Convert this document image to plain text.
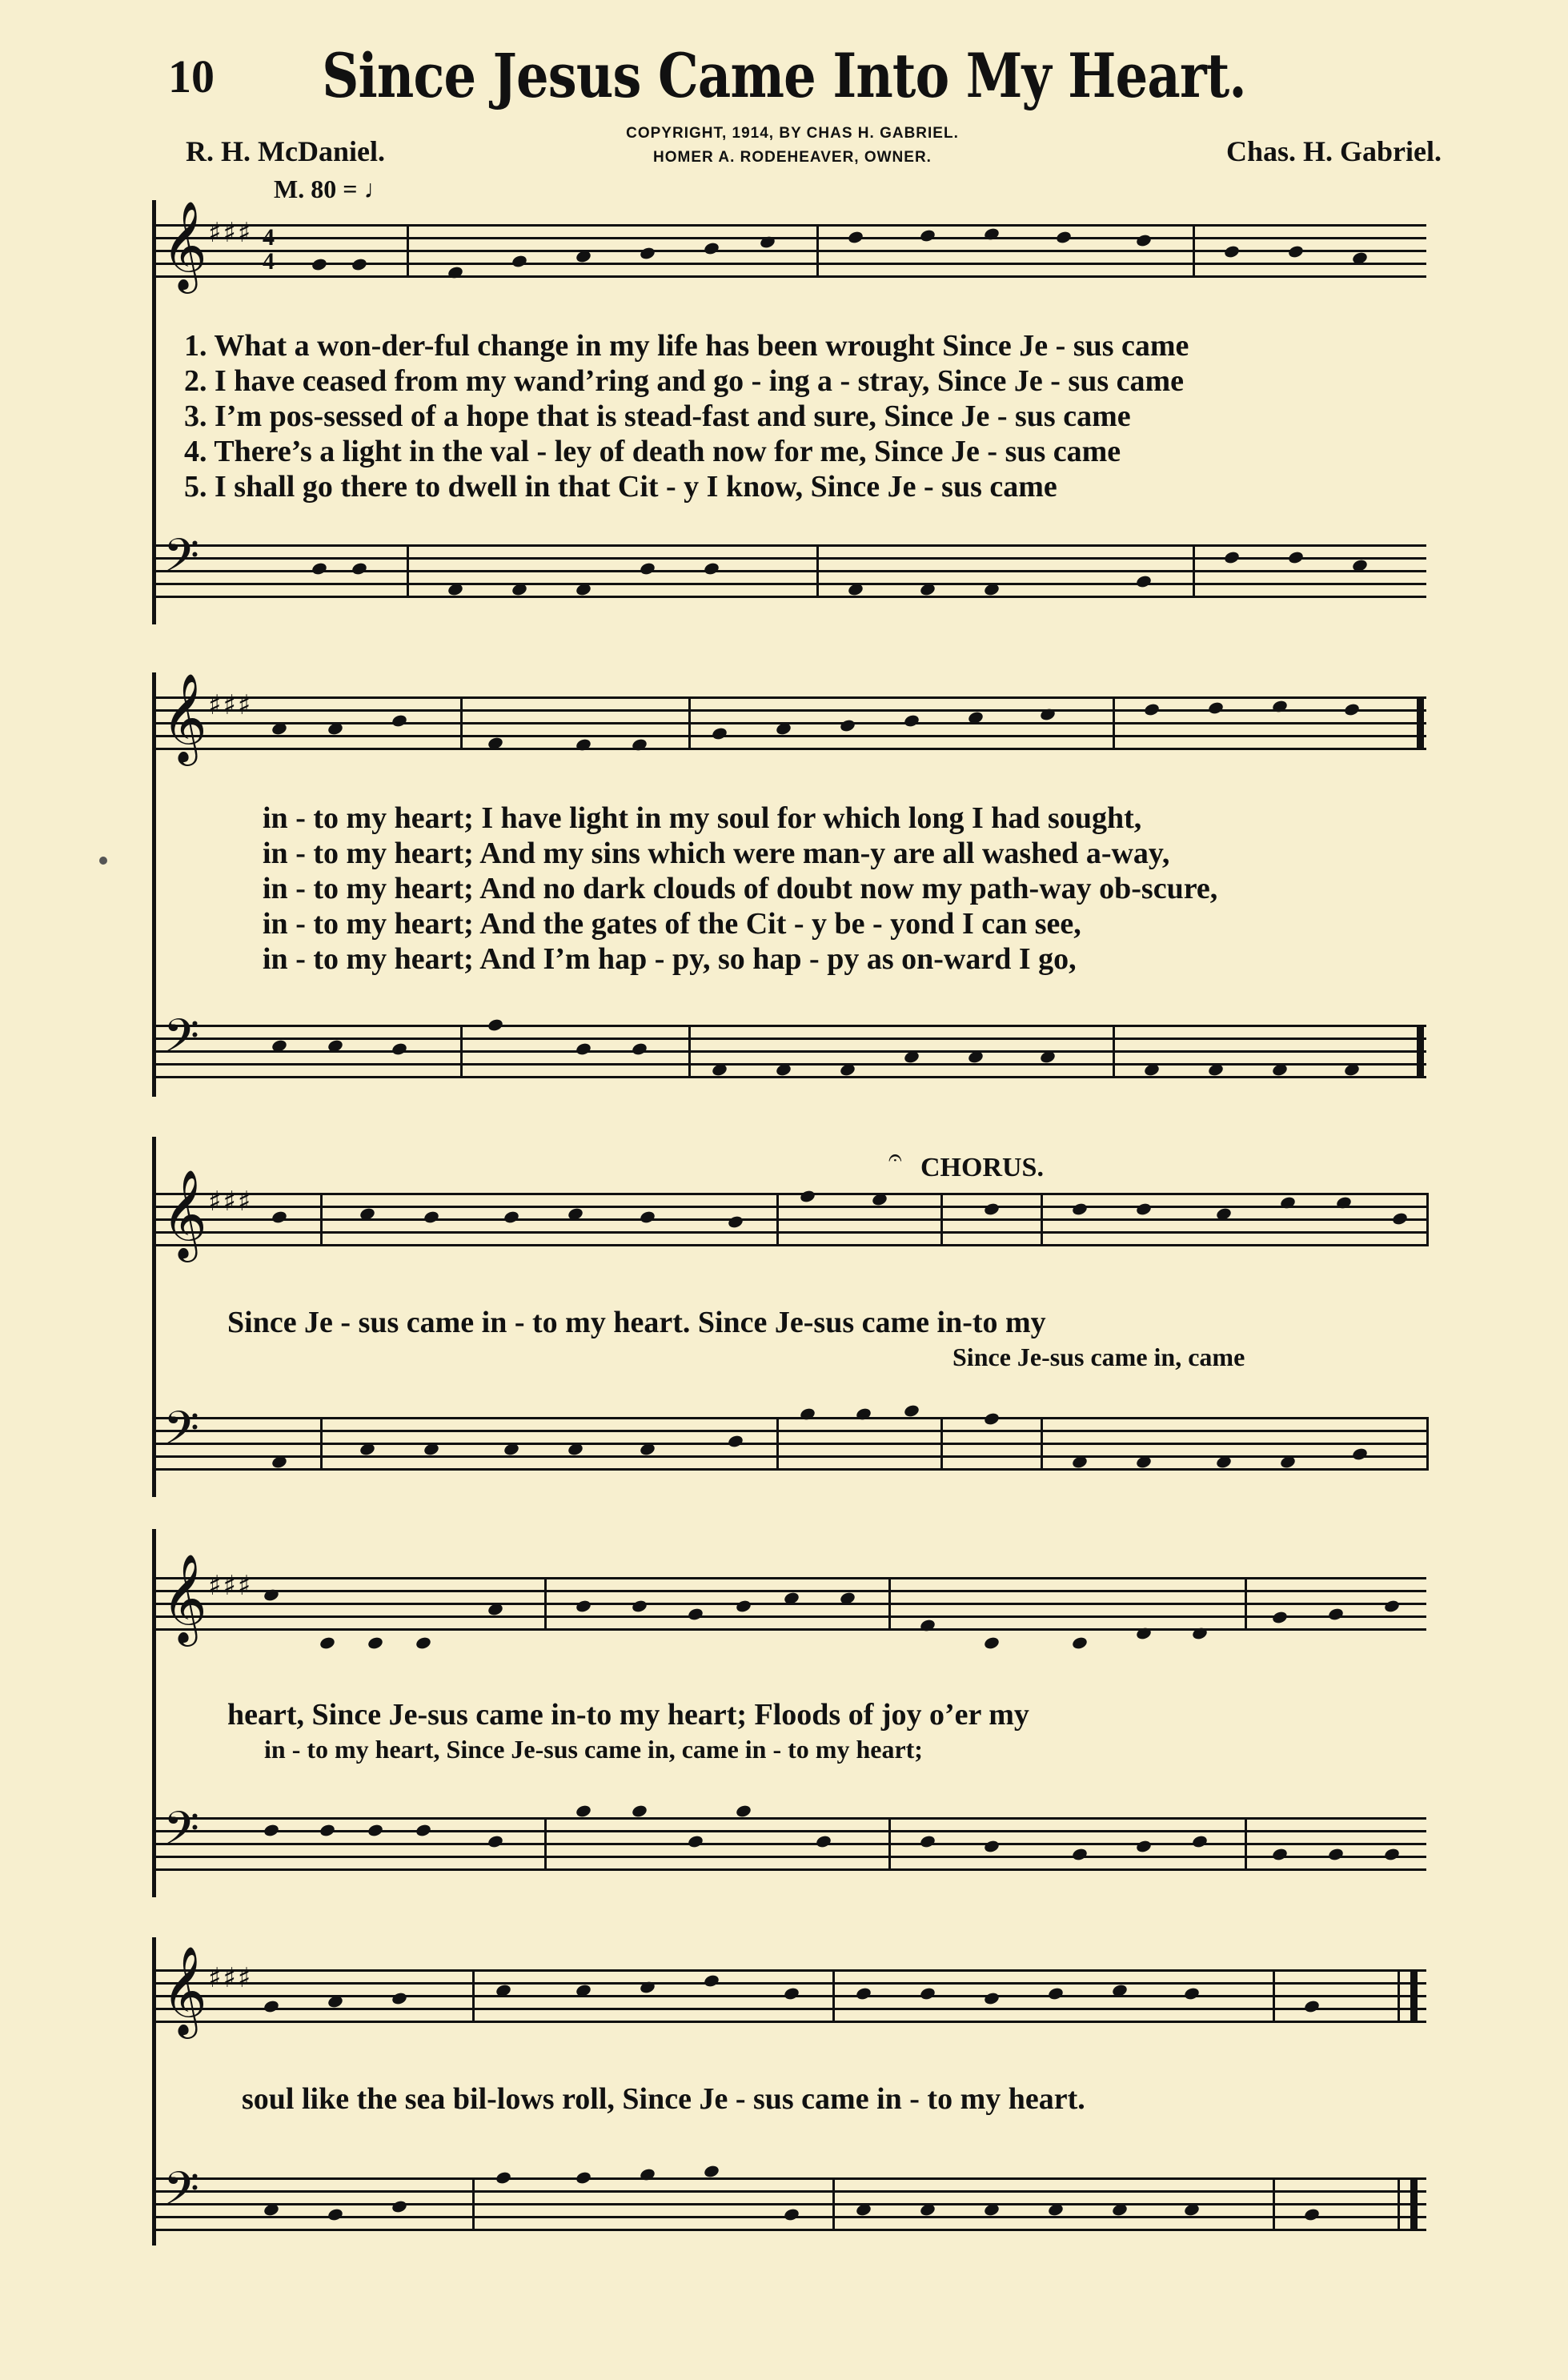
10	Since Jesus Came Into My Heart.
COPYRIGHT, 1914, BY CHAS H. GABRIEL.
HOMER A. RODEHEAVER, OWNER.
R. H. McDaniel.	Chas. H. Gabriel.
M. 80 = ♩
𝄞 ♯♯♯ 4
4
1. What a won-der-ful change in my life has been wrought Since Je - sus came
2. I have ceased from my wand’ring and go - ing a - stray, Since Je - sus came
3. I’m pos-sessed of a hope that is stead-fast and sure, Since Je - sus came
4. There’s a light in the val - ley of death now for me, Since Je - sus came
5. I shall go there to dwell in that Cit - y I know, Since Je - sus came
𝄢
𝄞 ♯♯♯
in - to my heart; I have light in my soul for which long I had sought,
in - to my heart; And my sins which were man-y are all washed a-way,
in - to my heart; And no dark clouds of doubt now my path-way ob-scure,
in - to my heart; And the gates of the Cit - y be - yond I can see,
in - to my heart; And I’m hap - py, so hap - py as on-ward I go,
𝄢
CHORUS.
𝄐
𝄞 ♯♯♯
Since Je - sus came in - to my heart. Since Je-sus came in-to my
Since Je-sus came in, came
𝄢
𝄞 ♯♯♯
heart, Since Je-sus came in-to my heart; Floods of joy o’er my
in - to my heart, Since Je-sus came in, came in - to my heart;
𝄢
𝄞 ♯♯♯
soul like the sea bil-lows roll, Since Je - sus came in - to my heart.
𝄢
